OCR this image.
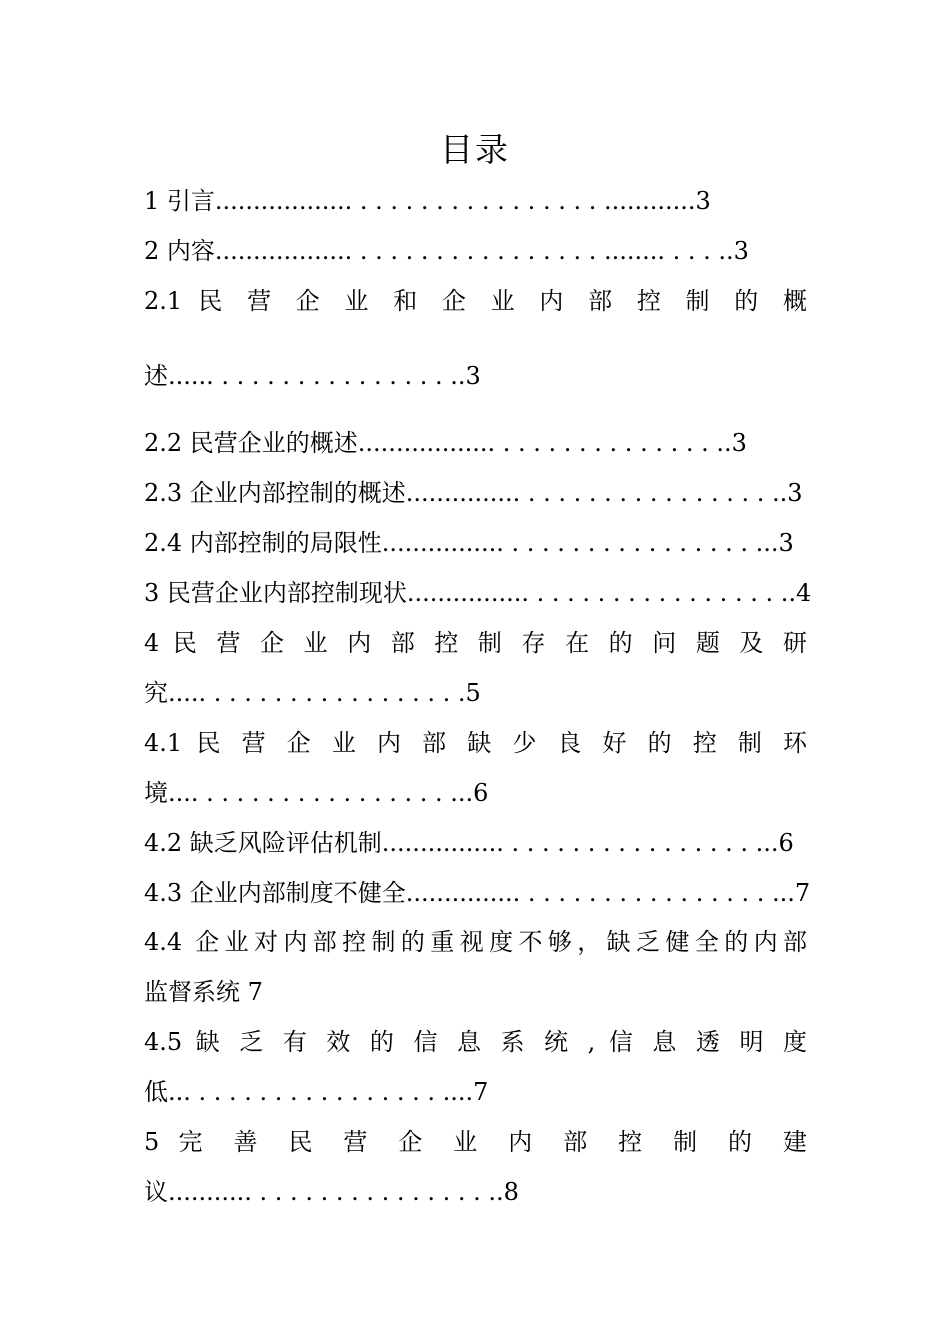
目录
1 引言.................. . . . . . . . . . . . . . . . . ............3
2 内容.................. . . . . . . . . . . . . . . . . ........ . . . ..3
2.1 民 营 企 业 和 企 业 内 部 控 制 的 概
述...... . . . . . . . . . . . . . . . ..3
2.2 民营企业的概述.................. . . . . . . . . . . . . . . ..3
2.3 企业内部控制的概述............... . . . . . . . . . . . . . . . . ..3
2.4 内部控制的局限性................ . . . . . . . . . . . . . . . . ...3
3 民营企业内部控制现状................ . . . . . . . . . . . . . . . . ..4
4 民 营 企 业 内 部 控 制 存 在 的 问 题 及 研
究..... . . . . . . . . . . . . . . . . .5
4.1 民 营 企 业 内 部 缺 少 良 好 的 控 制 环
境.... . . . . . . . . . . . . . . . . ...6
4.2 缺乏风险评估机制................ . . . . . . . . . . . . . . . . ...6
4.3 企业内部制度不健全............... . . . . . . . . . . . . . . . . ...7
4.4 企业对内部控制的重视度不够，缺乏健全的内部
监督系统 7
4.5 缺 乏 有 效 的 信 息 系 统 , 信 息 透 明 度
低... . . . . . . . . . . . . . . . . ....7
5 完 善 民 营 企 业 内 部 控 制 的 建
议........... . . . . . . . . . . . . . . . ..8
